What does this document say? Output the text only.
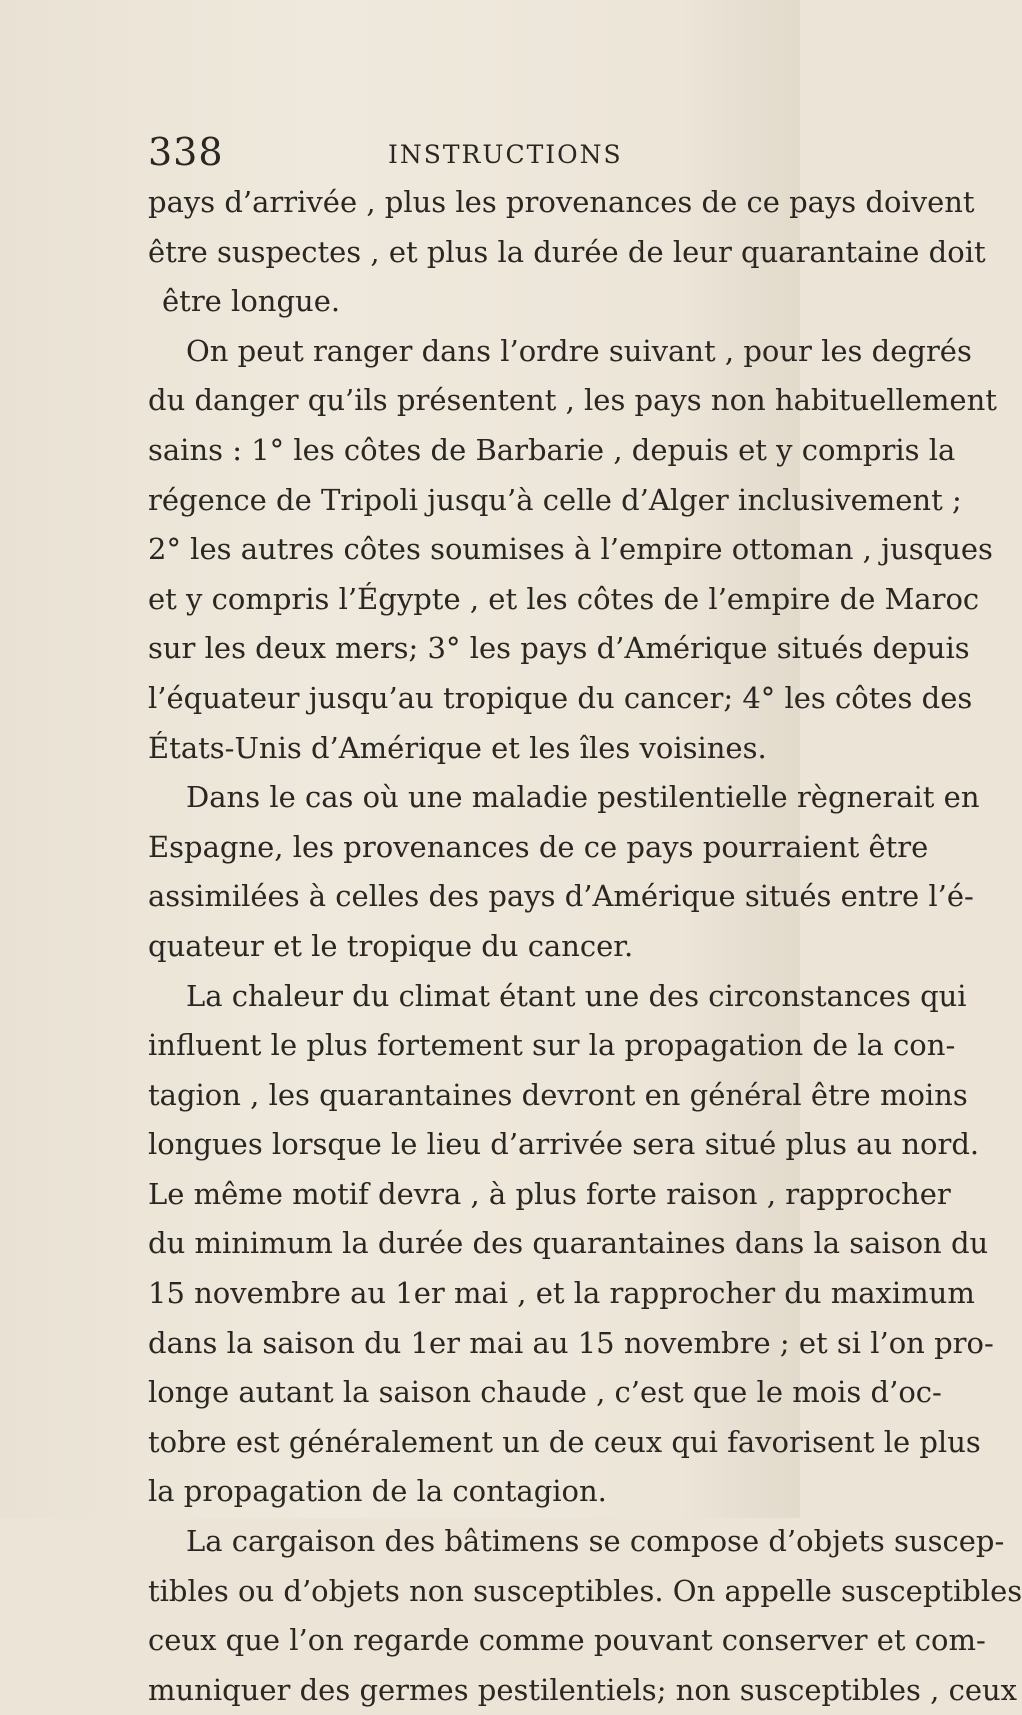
338	INSTRUCTIONS
pays d’arrivée , plus les provenances de ce pays doivent
être suspectes , et plus la durée de leur quarantaine doit
être longue.
On peut ranger dans l’ordre suivant , pour les degrés
du danger qu’ils présentent , les pays non habituellement
sains : 1° les côtes de Barbarie , depuis et y compris la
régence de Tripoli jusqu’à celle d’Alger inclusivement ;
2° les autres côtes soumises à l’empire ottoman , jusques
et y compris l’Égypte , et les côtes de l’empire de Maroc
sur les deux mers; 3° les pays d’Amérique situés depuis
l’équateur jusqu’au tropique du cancer; 4° les côtes des
États-Unis d’Amérique et les îles voisines.
Dans le cas où une maladie pestilentielle règnerait en
Espagne, les provenances de ce pays pourraient être
assimilées à celles des pays d’Amérique situés entre l’é-
quateur et le tropique du cancer.
La chaleur du climat étant une des circonstances qui
influent le plus fortement sur la propagation de la con-
tagion , les quarantaines devront en général être moins
longues lorsque le lieu d’arrivée sera situé plus au nord.
Le même motif devra , à plus forte raison , rapprocher
du minimum la durée des quarantaines dans la saison du
15 novembre au 1er mai , et la rapprocher du maximum
dans la saison du 1er mai au 15 novembre ; et si l’on pro-
longe autant la saison chaude , c’est que le mois d’oc-
tobre est généralement un de ceux qui favorisent le plus
la propagation de la contagion.
La cargaison des bâtimens se compose d’objets suscep-
tibles ou d’objets non susceptibles. On appelle susceptibles
ceux que l’on regarde comme pouvant conserver et com-
muniquer des germes pestilentiels; non susceptibles , ceux
